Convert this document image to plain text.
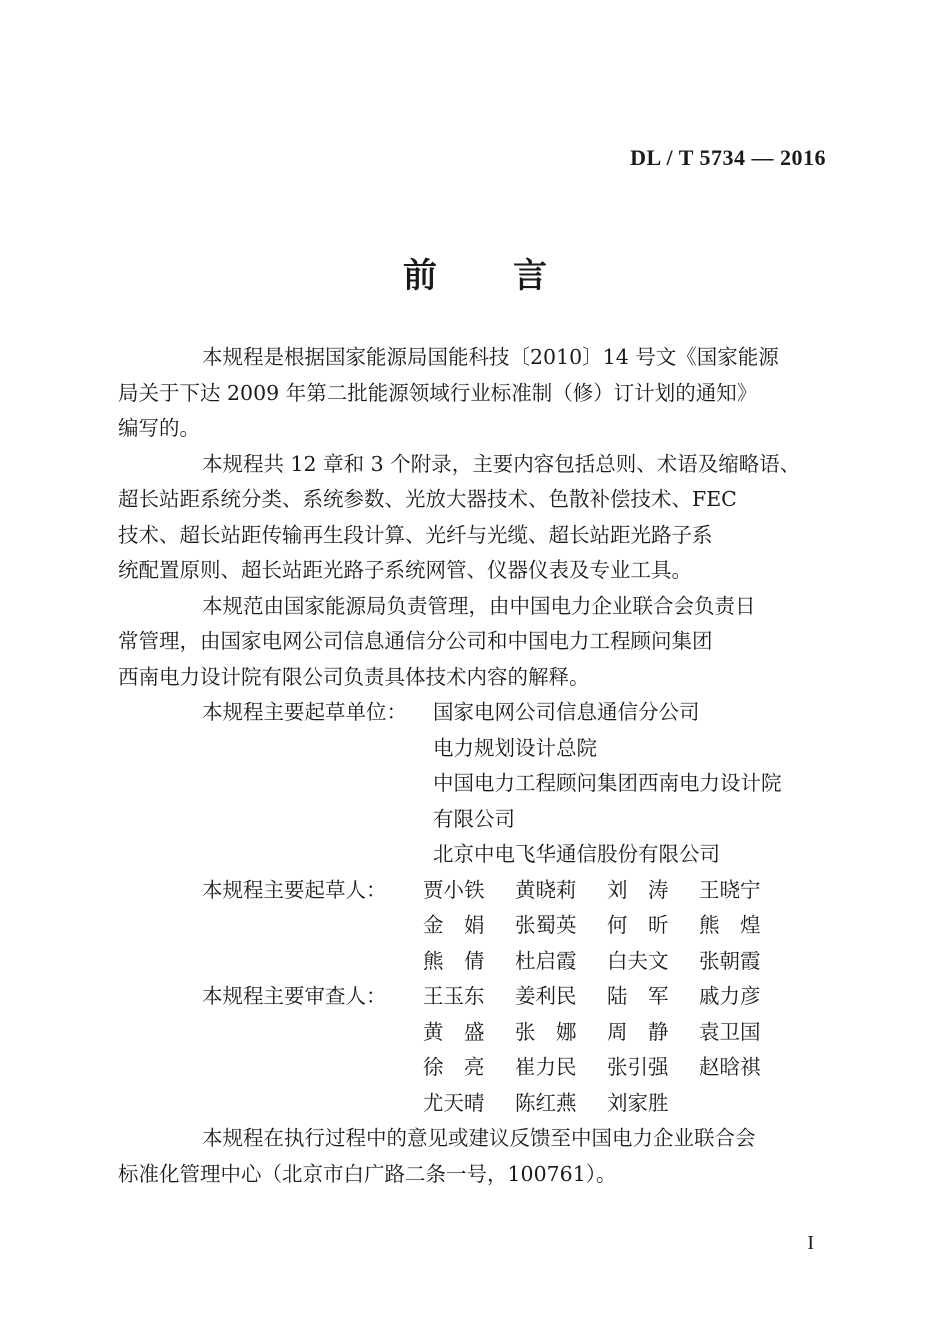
DL / T 5734 — 2016
前 言

本规程是根据国家能源局国能科技〔2010〕14 号文《国家能源
局关于下达 2009 年第二批能源领域行业标准制（修）订计划的通知》
编写的。

本规程共 12 章和 3 个附录，主要内容包括总则、术语及缩略语、
超长站距系统分类、系统参数、光放大器技术、色散补偿技术、FEC
技术、超长站距传输再生段计算、光纤与光缆、超长站距光路子系
统配置原则、超长站距光路子系统网管、仪器仪表及专业工具。

本规范由国家能源局负责管理，由中国电力企业联合会负责日
常管理，由国家电网公司信息通信分公司和中国电力工程顾问集团
西南电力设计院有限公司负责具体技术内容的解释。

本规程主要起草单位：	国家电网公司信息通信分公司
电力规划设计总院
中国电力工程顾问集团西南电力设计院
有限公司
北京中电飞华通信股份有限公司
本规程主要起草人：	贾小铁	黄晓莉	刘　涛	王晓宁
金　娟	张蜀英	何　昕	熊　煌
熊　倩	杜启霞	白夫文	张朝霞
本规程主要审查人：	王玉东	姜利民	陆　军	戚力彦
黄　盛	张　娜	周　静	袁卫国
徐　亮	崔力民	张引强	赵晗祺
尤天晴	陈红燕	刘家胜

本规程在执行过程中的意见或建议反馈至中国电力企业联合会
标准化管理中心（北京市白广路二条一号，100761）。

I
